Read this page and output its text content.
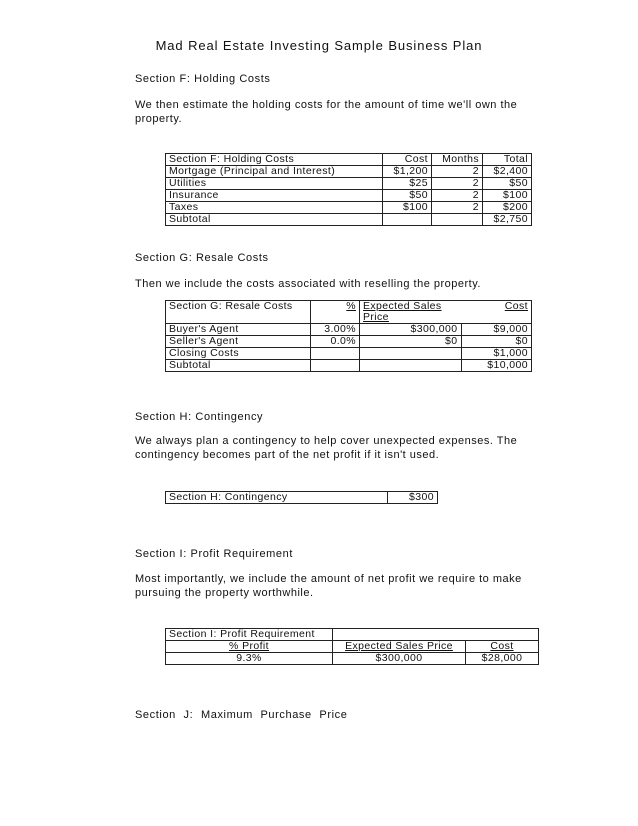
Mad Real Estate Investing Sample Business Plan
Section F: Holding Costs
We then estimate the holding costs for the amount of time we'll own the property.
Section F: Holding Costs	Cost	Months	Total
Mortgage (Principal and Interest)	$1,200	2	$2,400
Utilities	$25	2	$50
Insurance	$50	2	$100
Taxes	$100	2	$200
Subtotal			$2,750
Section G: Resale Costs
Then we include the costs associated with reselling the property.
Section G: Resale Costs	%	Expected Sales Price	Cost
Buyer's Agent	3.00%	$300,000	$9,000
Seller's Agent	0.0%	$0	$0
Closing Costs			$1,000
Subtotal			$10,000
Section H: Contingency
We always plan a contingency to help cover unexpected expenses. The contingency becomes part of the net profit if it isn't used.
Section H: Contingency	$300
Section I: Profit Requirement
Most importantly, we include the amount of net profit we require to make pursuing the property worthwhile.
Section I: Profit Requirement		
% Profit	Expected Sales Price	Cost
9.3%	$300,000	$28,000
Section J: Maximum Purchase Price
